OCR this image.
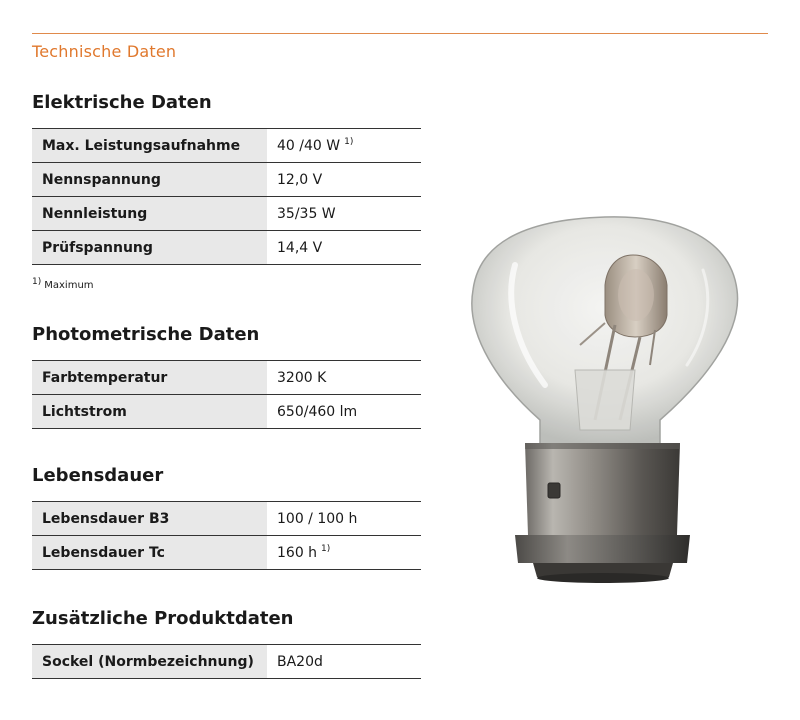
Technische Daten
Elektrische Daten
Max. Leistungsaufnahme	40 /40 W $^{1)}$
Nennspannung	12,0 V
Nennleistung	35/35 W
Prüfspannung	14,4 V
1) Maximum
Photometrische Daten
Farbtemperatur	3200 K
Lichtstrom	650/460 lm
Lebensdauer
Lebensdauer B3	100 / 100 h
Lebensdauer Tc	160 h $^{1)}$
Zusätzliche Produktdaten
Sockel (Normbezeichnung)	BA20d
